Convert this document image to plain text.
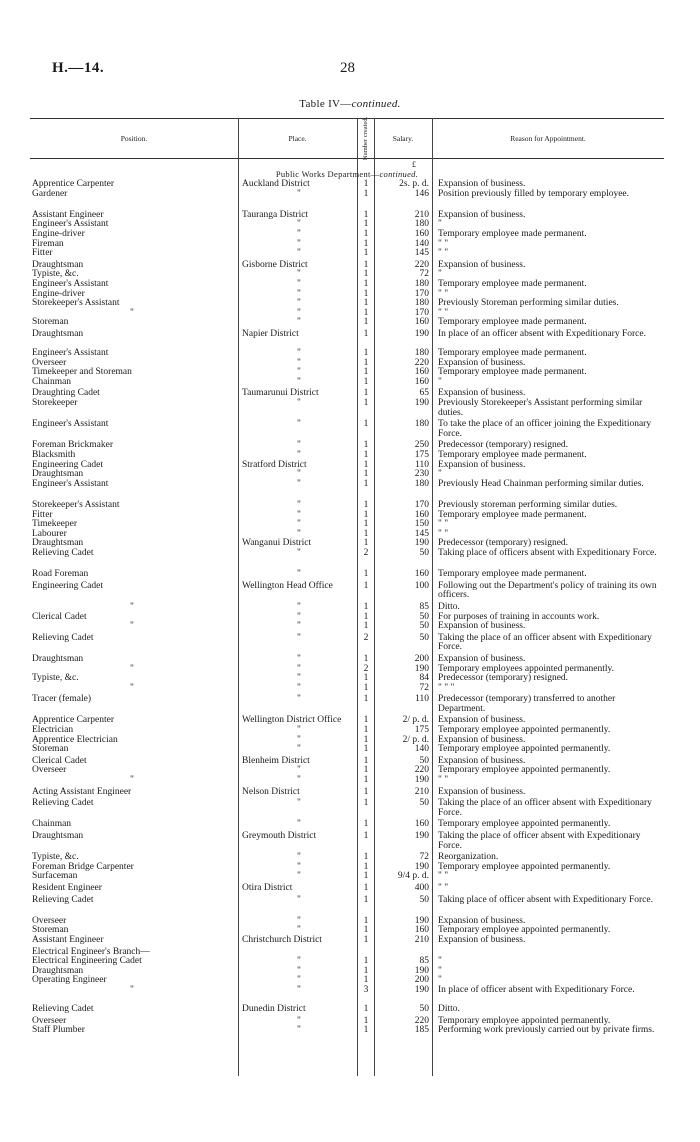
H.—14.	28
Table IV—continued.
Position.	Place.	Number created.	Salary.	Reason for Appointment.
£
Public Works Department—continued.
Apprentice Carpenter	Auckland District	1	2s. p. d. Expansion of business.
Gardener	"	1	146 Position previously filled by temporary employee.
Assistant Engineer	Tauranga District	1	210 Expansion of business.
Engineer's Assistant	"	1	180 "
Engine-driver	"	1	160 Temporary employee made permanent.
Fireman	"	1	140 " "
Fitter	"	1	145 " "
Draughtsman	Gisborne District	1	220 Expansion of business.
Typiste, &c.	"	1	72 "
Engineer's Assistant	"	1	180 Temporary employee made permanent.
Engine-driver	"	1	170 " "
Storekeeper's Assistant	"	1	180 Previously Storeman performing similar duties.
"	"	1	170 " "
Storeman	"	1	160 Temporary employee made permanent.
Draughtsman	Napier District	1	190 In place of an officer absent with Expeditionary Force.
Engineer's Assistant	"	1	180 Temporary employee made permanent.
Overseer	"	1	220 Expansion of business.
Timekeeper and Storeman	"	1	160 Temporary employee made permanent.
Chainman	"	1	160 "
Draughting Cadet	Taumarunui District	1	65 Expansion of business.
Storekeeper	"	1	190 Previously Storekeeper's Assistant performing similar duties.
Engineer's Assistant	"	1	180 To take the place of an officer joining the Expeditionary Force.
Foreman Brickmaker	"	1	250 Predecessor (temporary) resigned.
Blacksmith	"	1	175 Temporary employee made permanent.
Engineering Cadet	Stratford District	1	110 Expansion of business.
Draughtsman	"	1	230 "
Engineer's Assistant	"	1	180 Previously Head Chainman performing similar duties.
Storekeeper's Assistant	"	1	170 Previously storeman performing similar duties.
Fitter	"	1	160 Temporary employee made permanent.
Timekeeper	"	1	150 " "
Labourer	"	1	145 " "
Draughtsman	Wanganui District	1	190 Predecessor (temporary) resigned.
Relieving Cadet	"	2	50 Taking place of officers absent with Expeditionary Force.
Road Foreman	"	1	160 Temporary employee made permanent.
Engineering Cadet	Wellington Head Office	1	100 Following out the Department's policy of training its own officers.
"	"	1	85 Ditto.
Clerical Cadet	"	1	50 For purposes of training in accounts work.
"	"	1	50 Expansion of business.
Relieving Cadet	"	2	50 Taking the place of an officer absent with Expeditionary Force.
Draughtsman	"	1	200 Expansion of business.
"	"	2	190 Temporary employees appointed permanently.
Typiste, &c.	"	1	84 Predecessor (temporary) resigned.
"	"	1	72 " " "
Tracer (female)	"	1	110 Predecessor (temporary) transferred to another Department.
Apprentice Carpenter	Wellington District Office	1	2/ p. d. Expansion of business.
Electrician	"	1	175 Temporary employee appointed permanently.
Apprentice Electrician	"	1	2/ p. d. Expansion of business.
Storeman	"	1	140 Temporary employee appointed permanently.
Clerical Cadet	Blenheim District	1	50 Expansion of business.
Overseer	"	1	220 Temporary employee appointed permanently.
"	"	1	190 " "
Acting Assistant Engineer	Nelson District	1	210 Expansion of business.
Relieving Cadet	"	1	50 Taking the place of an officer absent with Expeditionary Force.
Chainman	"	1	160 Temporary employee appointed permanently.
Draughtsman	Greymouth District	1	190 Taking the place of officer absent with Expeditionary Force.
Typiste, &c.	"	1	72 Reorganization.
Foreman Bridge Carpenter	"	1	190 Temporary employee appointed permanently.
Surfaceman	"	1	9/4 p. d. " "
Resident Engineer	Otira District	1	400 " "
Relieving Cadet	"	1	50 Taking place of officer absent with Expeditionary Force.
Overseer	"	1	190 Expansion of business.
Storeman	"	1	160 Temporary employee appointed permanently.
Assistant Engineer	Christchurch District	1	210 Expansion of business.
Electrical Engineer's Branch—
Electrical Engineering Cadet	"	1	85 "
Draughtsman	"	1	190 "
Operating Engineer	"	1	200 "
"	"	3	190 In place of officer absent with Expeditionary Force.
Relieving Cadet	Dunedin District	1	50 Ditto.
Overseer	"	1	220 Temporary employee appointed permanently.
Staff Plumber	"	1	185 Performing work previously carried out by private firms.
